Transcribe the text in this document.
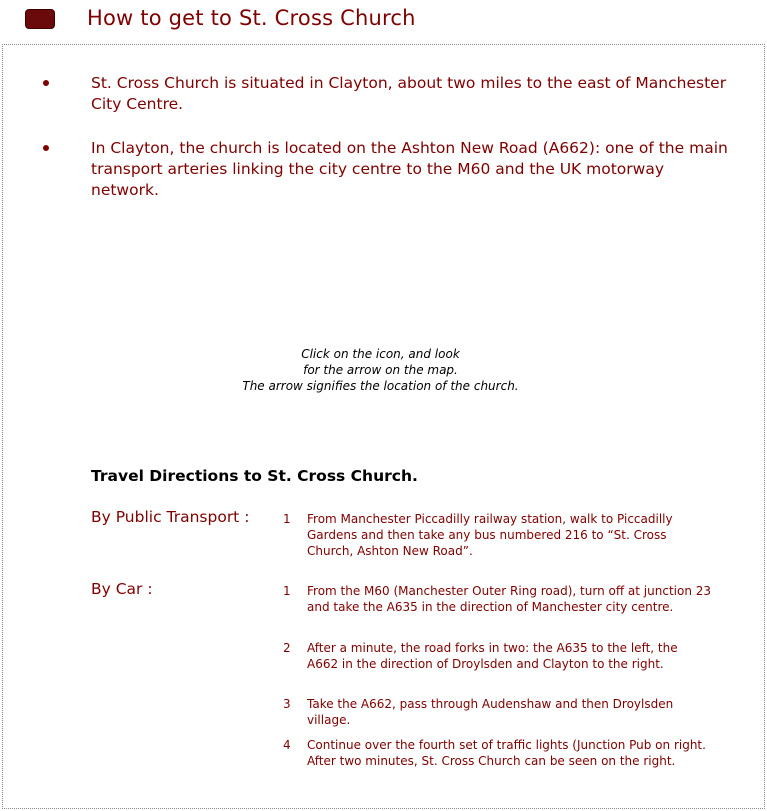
How to get to St. Cross Church
St. Cross Church is situated in Clayton, about two miles to the east of Manchester City Centre.
In Clayton, the church is located on the Ashton New Road (A662): one of the main transport arteries linking the city centre to the M60 and the UK motorway network.
Click on the icon, and look
for the arrow on the map.
The arrow signifies the location of the church.
Travel Directions to St. Cross Church.
By Public Transport :	1 From Manchester Piccadilly railway station, walk to Piccadilly Gardens and then take any bus numbered 216 to “St. Cross Church, Ashton New Road”.
By Car :	1 From the M60 (Manchester Outer Ring road), turn off at junction 23 and take the A635 in the direction of Manchester city centre.
2 After a minute, the road forks in two: the A635 to the left, the A662 in the direction of Droylsden and Clayton to the right.
3 Take the A662, pass through Audenshaw and then Droylsden village.
4 Continue over the fourth set of traffic lights (Junction Pub on right. After two minutes, St. Cross Church can be seen on the right.
